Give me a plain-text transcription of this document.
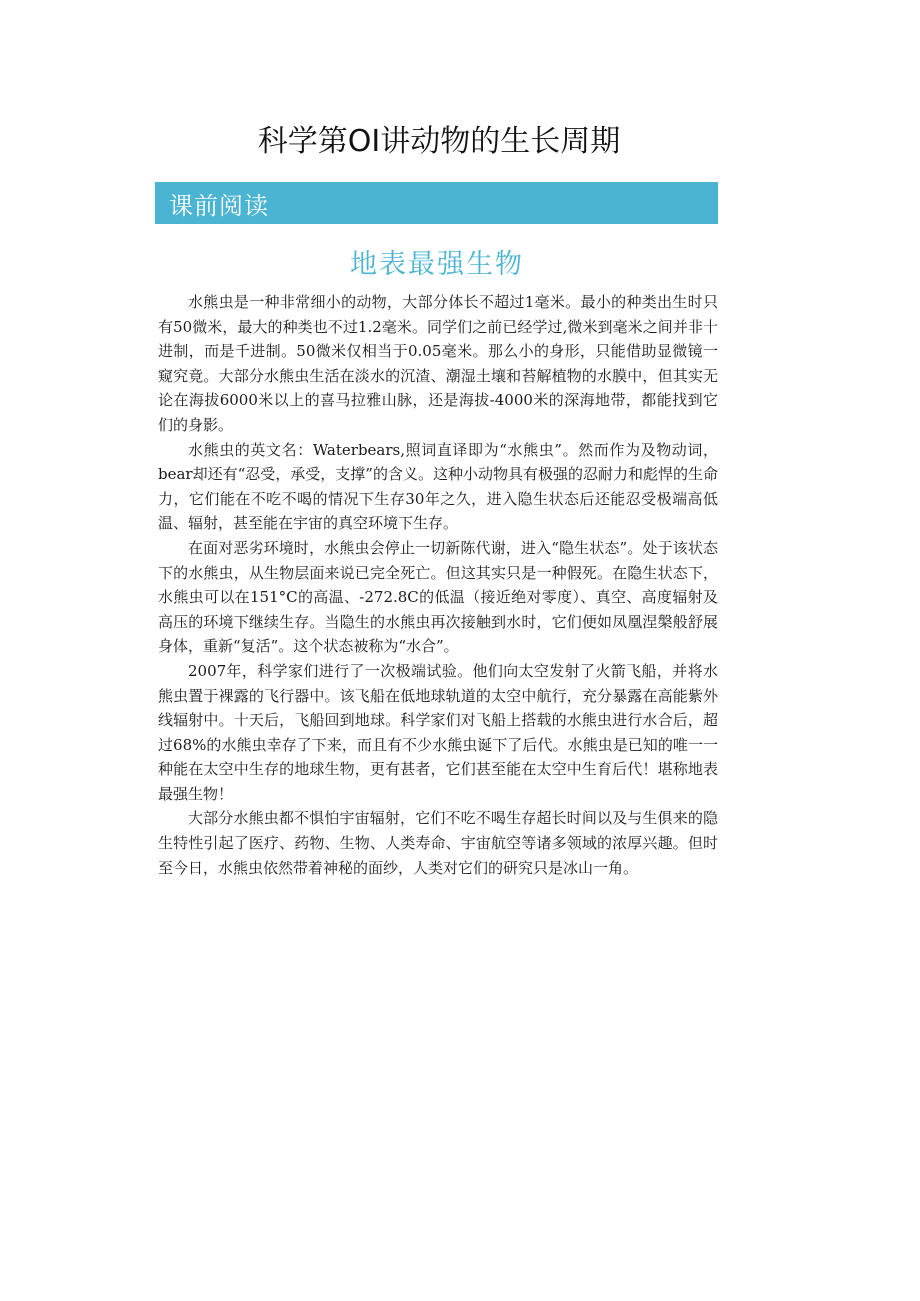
科学第OI讲动物的生长周期
课前阅读
地表最强生物

水熊虫是一种非常细小的动物，大部分体长不超过1毫米。最小的种类出生时只有50微米，最大的种类也不过1.2毫米。同学们之前已经学过,微米到毫米之间并非十进制，而是千进制。50微米仅相当于0.05毫米。那么小的身形，只能借助显微镜一窥究竟。大部分水熊虫生活在淡水的沉渣、潮湿土壤和苔解植物的水膜中，但其实无论在海拔6000米以上的喜马拉雅山脉，还是海拔-4000米的深海地带，都能找到它们的身影。

水熊虫的英文名：Waterbears,照词直译即为“水熊虫”。然而作为及物动词，bear却还有“忍受，承受，支撑”的含义。这种小动物具有极强的忍耐力和彪悍的生命力，它们能在不吃不喝的情况下生存30年之久，进入隐生状态后还能忍受极端高低温、辐射，甚至能在宇宙的真空环境下生存。

在面对恶劣环境时，水熊虫会停止一切新陈代谢，进入“隐生状态”。处于该状态下的水熊虫，从生物层面来说已完全死亡。但这其实只是一种假死。在隐生状态下，水熊虫可以在151°C的高温、-272.8C的低温（接近绝对零度）、真空、高度辐射及高压的环境下继续生存。当隐生的水熊虫再次接触到水时，它们便如凤凰涅槃般舒展身体，重新“复活”。这个状态被称为“水合”。

2007年，科学家们进行了一次极端试验。他们向太空发射了火箭飞船，并将水熊虫置于裸露的飞行器中。该飞船在低地球轨道的太空中航行，充分暴露在高能紫外线辐射中。十天后，飞船回到地球。科学家们对飞船上搭载的水熊虫进行水合后，超过68%的水熊虫幸存了下来，而且有不少水熊虫诞下了后代。水熊虫是已知的唯一一种能在太空中生存的地球生物，更有甚者，它们甚至能在太空中生育后代！堪称地表最强生物！

大部分水熊虫都不惧怕宇宙辐射，它们不吃不喝生存超长时间以及与生俱来的隐生特性引起了医疗、药物、生物、人类寿命、宇宙航空等诸多领域的浓厚兴趣。但时至今日，水熊虫依然带着神秘的面纱，人类对它们的研究只是冰山一角。
